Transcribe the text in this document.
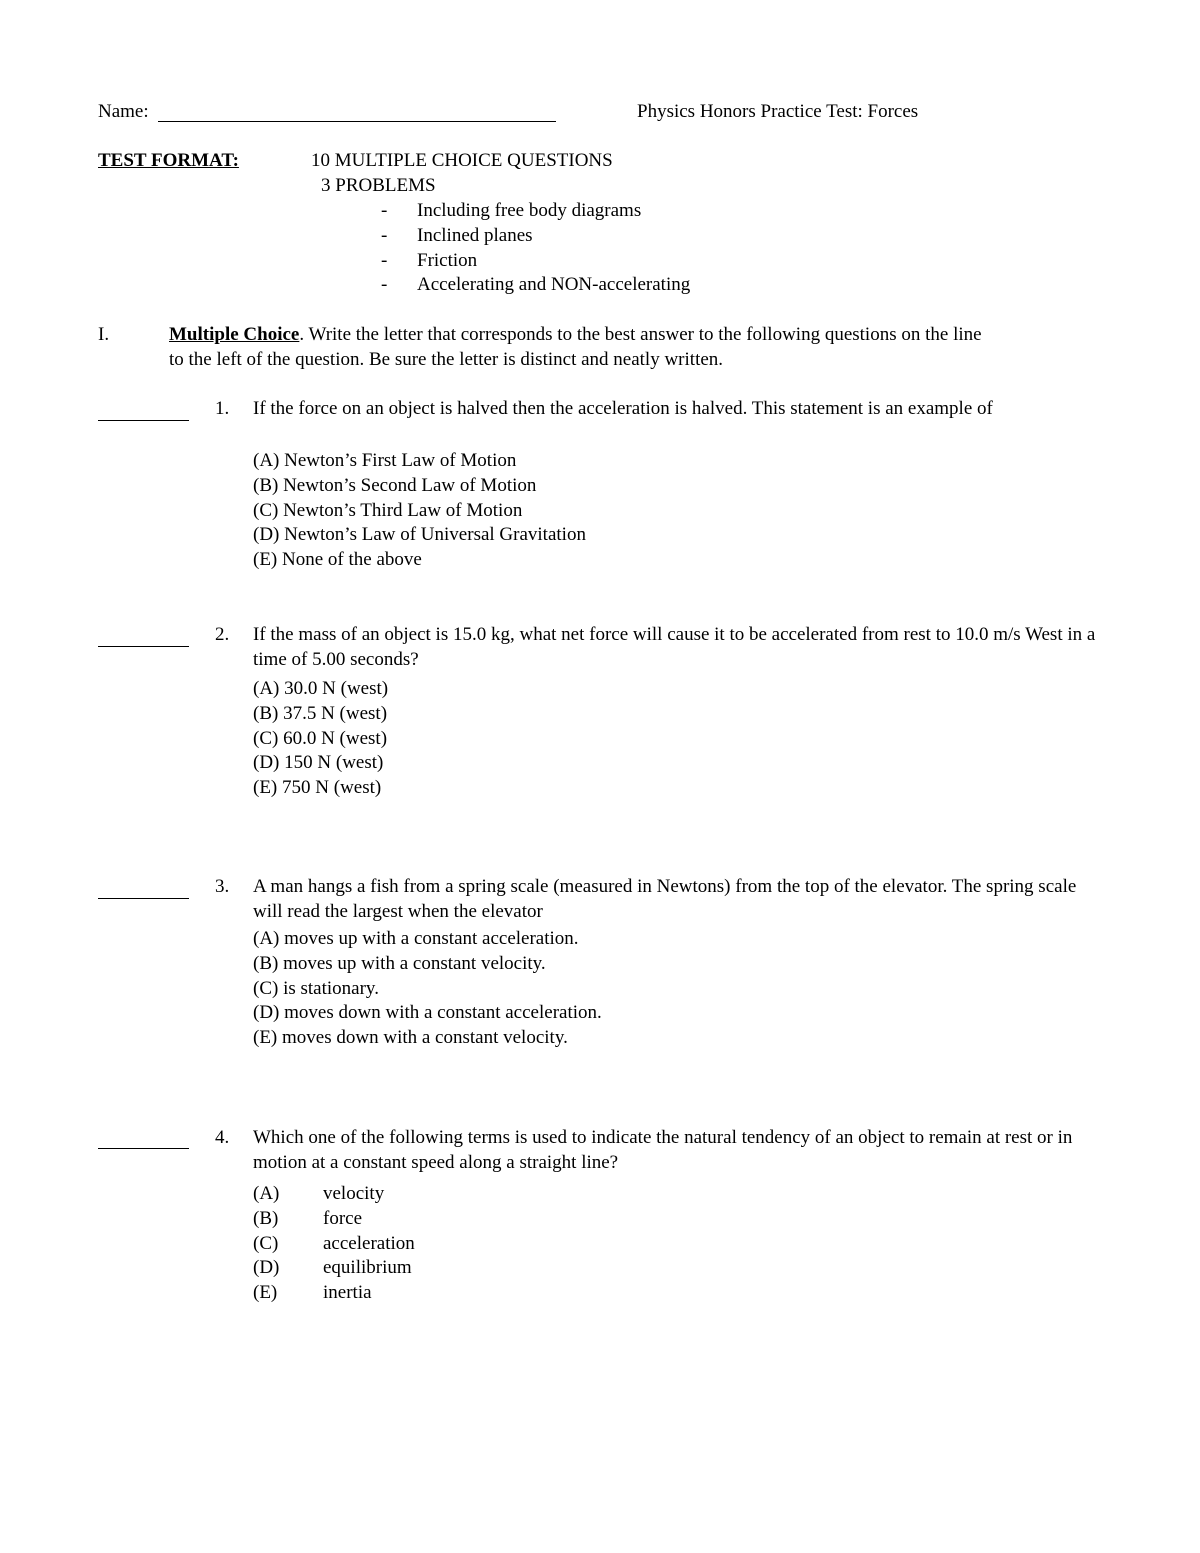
Name:	Physics Honors Practice Test: Forces
TEST FORMAT:	10 MULTIPLE CHOICE QUESTIONS
3 PROBLEMS
- Including free body diagrams
- Inclined planes
- Friction
- Accelerating and NON-accelerating
I.	Multiple Choice. Write the letter that corresponds to the best answer to the following questions on the line
to the left of the question. Be sure the letter is distinct and neatly written.
1. If the force on an object is halved then the acceleration is halved. This statement is an example of
(A) Newton’s First Law of Motion
(B) Newton’s Second Law of Motion
(C) Newton’s Third Law of Motion
(D) Newton’s Law of Universal Gravitation
(E) None of the above
2. If the mass of an object is 15.0 kg, what net force will cause it to be accelerated from rest to 10.0 m/s West in a time of 5.00 seconds?
(A) 30.0 N (west)
(B) 37.5 N (west)
(C) 60.0 N (west)
(D) 150 N (west)
(E) 750 N (west)
3. A man hangs a fish from a spring scale (measured in Newtons) from the top of the elevator. The spring scale will read the largest when the elevator
(A) moves up with a constant acceleration.
(B) moves up with a constant velocity.
(C) is stationary.
(D) moves down with a constant acceleration.
(E) moves down with a constant velocity.
4. Which one of the following terms is used to indicate the natural tendency of an object to remain at rest or in motion at a constant speed along a straight line?
(A) velocity
(B) force
(C) acceleration
(D) equilibrium
(E) inertia
